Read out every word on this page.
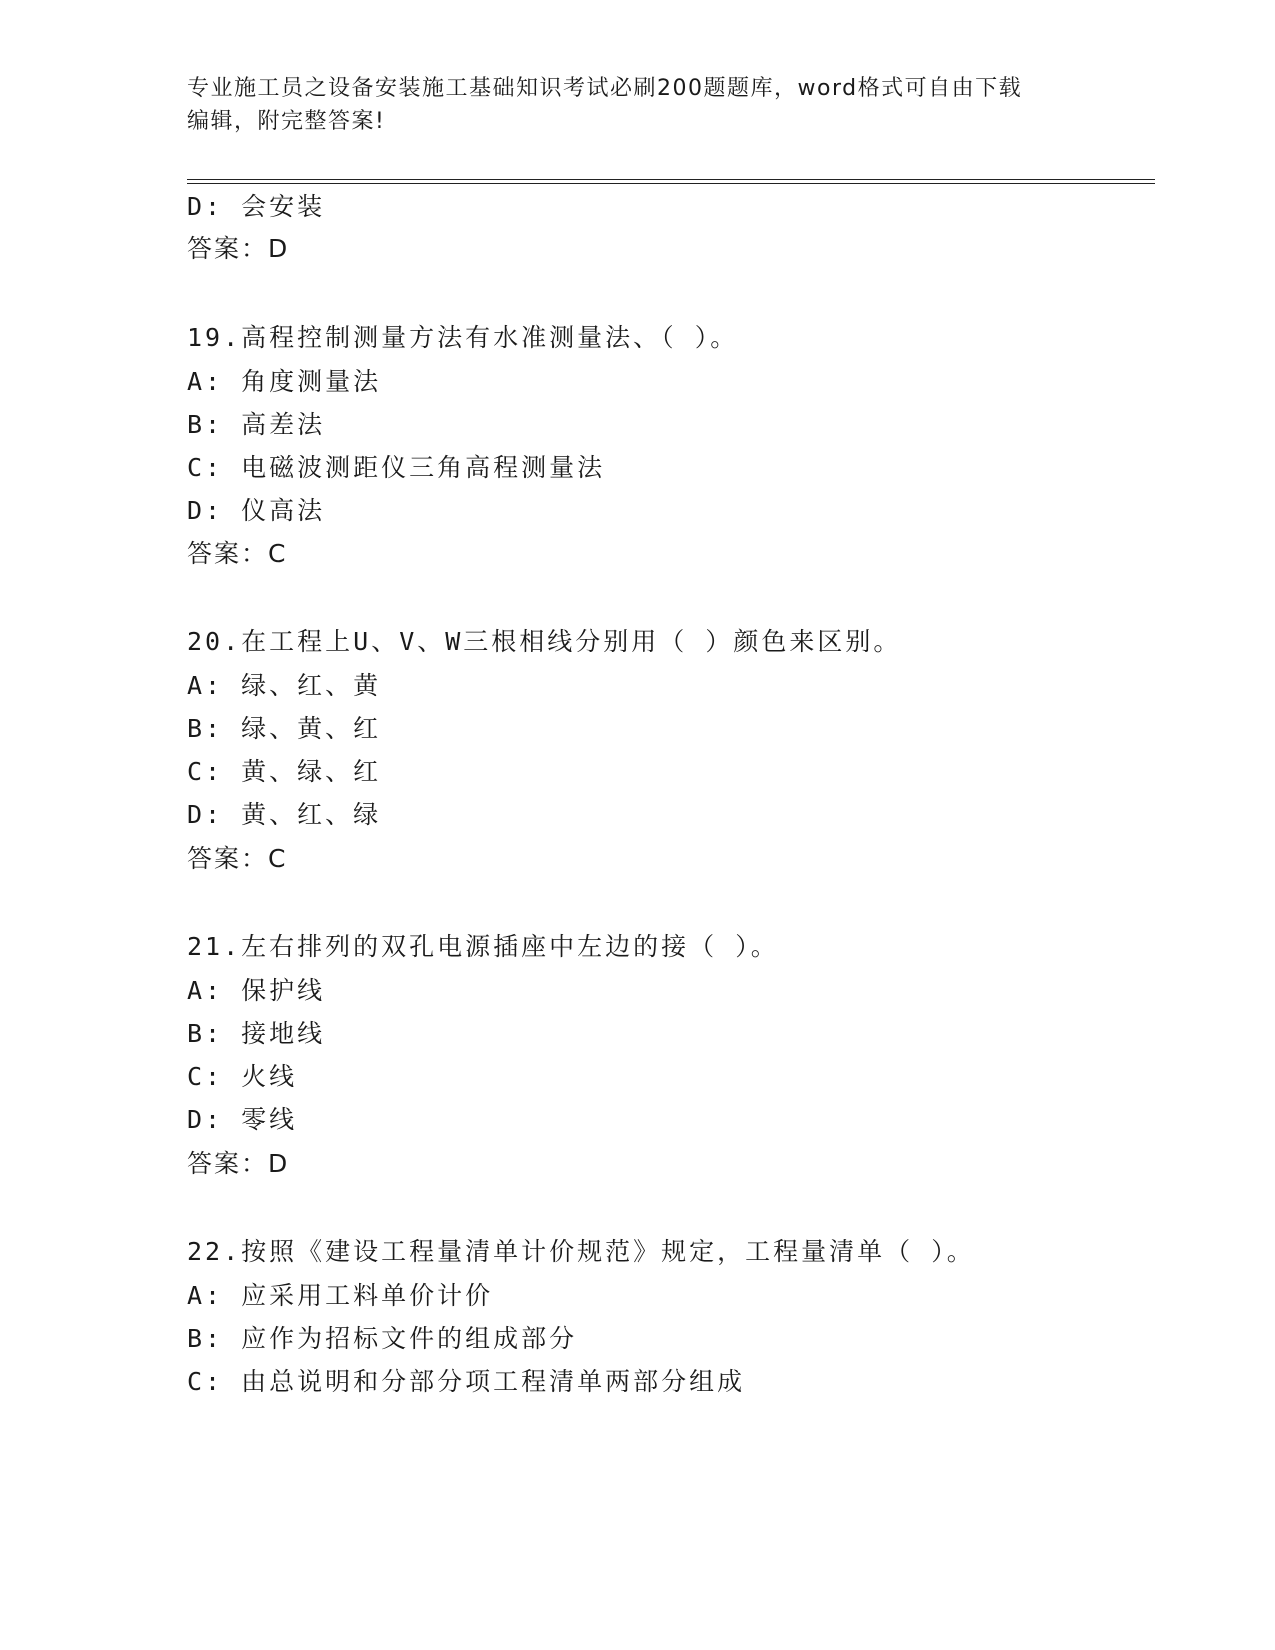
专业施工员之设备安装施工基础知识考试必刷200题题库，word格式可自由下载
编辑，附完整答案!
D: 会安装
答案：D
19.高程控制测量方法有水准测量法、（ ）。
A: 角度测量法
B: 高差法
C: 电磁波测距仪三角高程测量法
D: 仪高法
答案：C
20.在工程上U、V、W三根相线分别用（ ）颜色来区别。
A: 绿、红、黄
B: 绿、黄、红
C: 黄、绿、红
D: 黄、红、绿
答案：C
21.左右排列的双孔电源插座中左边的接（ ）。
A: 保护线
B: 接地线
C: 火线
D: 零线
答案：D
22.按照《建设工程量清单计价规范》规定，工程量清单（ ）。
A: 应采用工料单价计价
B: 应作为招标文件的组成部分
C: 由总说明和分部分项工程清单两部分组成
